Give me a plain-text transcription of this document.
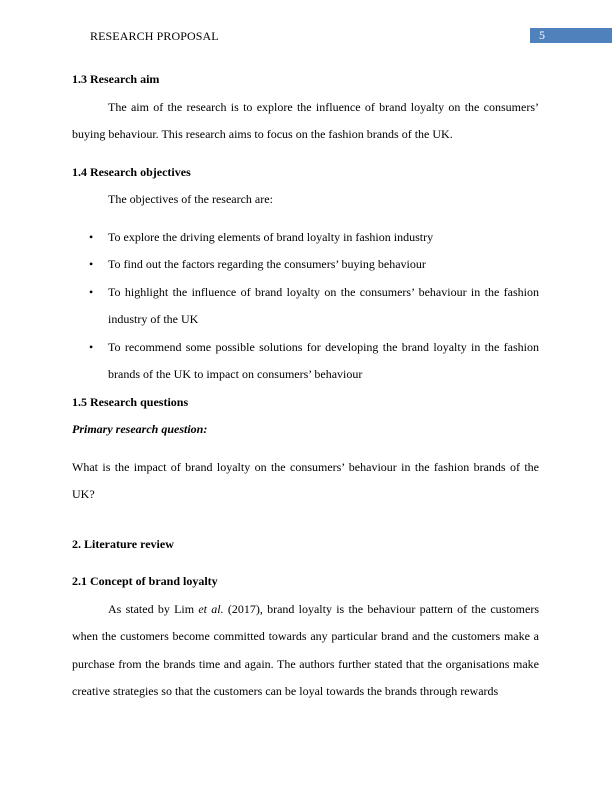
RESEARCH PROPOSAL	5
1.3 Research aim

The aim of the research is to explore the influence of brand loyalty on the consumers’ buying behaviour. This research aims to focus on the fashion brands of the UK.

1.4 Research objectives

The objectives of the research are:

• To explore the driving elements of brand loyalty in fashion industry
• To find out the factors regarding the consumers’ buying behaviour
• To highlight the influence of brand loyalty on the consumers’ behaviour in the fashion industry of the UK
• To recommend some possible solutions for developing the brand loyalty in the fashion brands of the UK to impact on consumers’ behaviour
1.5 Research questions
Primary research question:

What is the impact of brand loyalty on the consumers’ behaviour in the fashion brands of the UK?

2. Literature review
2.1 Concept of brand loyalty

As stated by Lim et al. (2017), brand loyalty is the behaviour pattern of the customers when the customers become committed towards any particular brand and the customers make a purchase from the brands time and again. The authors further stated that the organisations make creative strategies so that the customers can be loyal towards the brands through rewards
